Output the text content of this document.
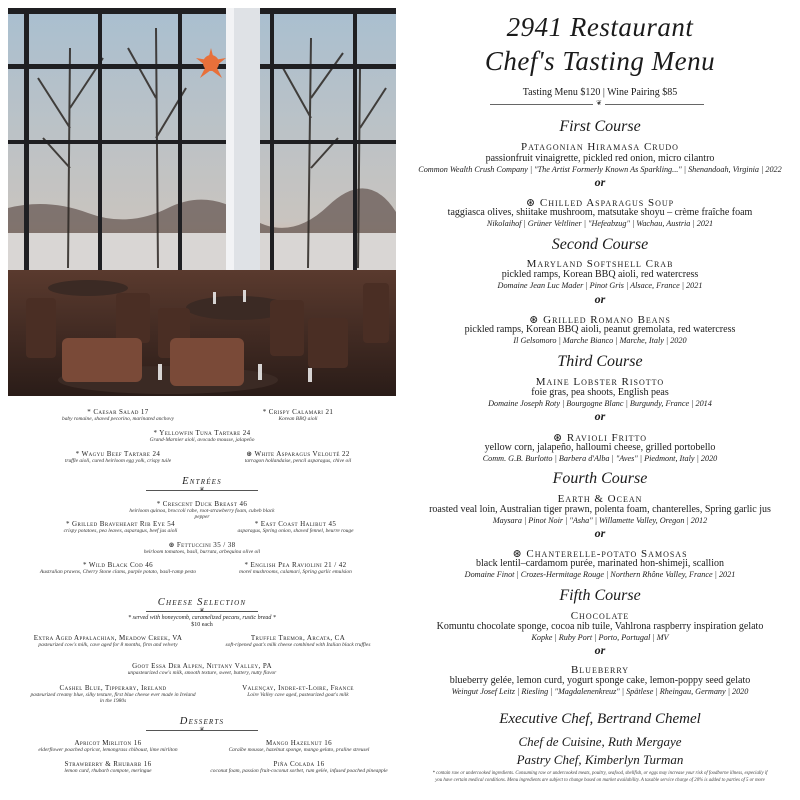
* Caesar Salad 17
baby romaine, shaved pecorino, marinated anchovy
* Crispy Calamari 21
Korean BBQ aioli
* Yellowfin Tuna Tartare 24
Grand-Marnier aioli, avocado mousse, jalapeño
* Wagyu Beef Tartare 24
truffle aioli, cured heirloom egg yolk, crispy tuile
⊛ White Asparagus Velouté 22
tarragon hollandaise, pencil asparagus, chive oil
Entrées
❦
* Crescent Duck Breast 46
heirloom quinoa, broccoli rabe, root-strawberry foam, cubeb black pepper
* Grilled Braveheart Rib Eye 54
crispy potatoes, pea leaves, asparagus, beef jus aioli
* East Coast Halibut 45
asparagus, Spring onion, shaved fennel, beurre rouge
⊛ Fettuccini 35 / 38
heirloom tomatoes, basil, burrata, arbequina olive oil
* Wild Black Cod 46
Australian prawns, Cherry Stone clams, purple potato, basil-ramp pesto
* English Pea Raviolini 21 / 42
morel mushrooms, calamari, Spring garlic emulsion
Cheese Selection
❦
* served with honeycomb, caramelized pecans, rustic bread *
$10 each
Extra Aged Appalachian, Meadow Creek, VA
pasteurized cow's milk, cave aged for 8 months, firm and velvety
Truffle Tremor, Arcata, CA
soft-ripened goat's milk cheese combined with Italian black truffles
Goot Essa Der Alpen, Nittany Valley, PA
unpasteurized cow's milk, smooth texture, sweet, buttery, nutty flavor
Cashel Blue, Tipperary, Ireland
pasteurized creamy blue, silky texture, first blue cheese ever made in Ireland in the 1980s
Valençay, Indre-et-Loire, France
Loire Valley cave aged, pasteurized goat's milk
Desserts
❦
Apricot Mirliton 16
elderflower poached apricot, lemongrass chiboust, lime mirliton
Mango Hazelnut 16
Caraïbe mousse, hazelnut sponge, mango gelato, praline streusel
Strawberry & Rhubarb 16
lemon curd, rhubarb compote, meringue
Piña Colada 16
coconut foam, passion fruit-coconut sorbet, rum gelée, infused poached pineapple
2941 Restaurant
Chef's Tasting Menu
Tasting Menu $120 | Wine Pairing $85
❦
First Course
Patagonian Hiramasa Crudo
passionfruit vinaigrette, pickled red onion, micro cilantro
Common Wealth Crush Company | "The Artist Formerly Known As Sparkling..." | Shenandoah, Virginia | 2022
or
⊛ Chilled Asparagus Soup
taggiasca olives, shiitake mushroom, matsutake shoyu – crème fraîche foam
Nikolaihof | Grüner Veltliner | "Hefeabzug" | Wachau, Austria | 2021
Second Course
Maryland Softshell Crab
pickled ramps, Korean BBQ aioli, red watercress
Domaine Jean Luc Mader | Pinot Gris | Alsace, France | 2021
or
⊛ Grilled Romano Beans
pickled ramps, Korean BBQ aioli, peanut gremolata, red watercress
Il Gelsomoro | Marche Bianco | Marche, Italy | 2020
Third Course
Maine Lobster Risotto
foie gras, pea shoots, English peas
Domaine Joseph Roty | Bourgogne Blanc | Burgundy, France | 2014
or
⊛ Ravioli Fritto
yellow corn, jalapeño, halloumi cheese, grilled portobello
Comm. G.B. Burlotto | Barbera d'Alba | "Aves" | Piedmont, Italy | 2020
Fourth Course
Earth & Ocean
roasted veal loin, Australian tiger prawn, polenta foam, chanterelles, Spring garlic jus
Maysara | Pinot Noir | "Asha" | Willamette Valley, Oregon | 2012
or
⊛ Chanterelle-potato Samosas
black lentil–cardamom purée, marinated hon-shimeji, scallion
Domaine Finot | Crozes-Hermitage Rouge | Northern Rhône Valley, France | 2021
Fifth Course
Chocolate
Komuntu chocolate sponge, cocoa nib tuile, Vahlrona raspberry inspiration gelato
Kopke | Ruby Port | Porto, Portugal | MV
or
Blueberry
blueberry gelée, lemon curd, yogurt sponge cake, lemon-poppy seed gelato
Weingut Josef Leitz | Riesling | "Magdalenenkreuz" | Spätlese | Rheingau, Germany | 2020
Executive Chef, Bertrand Chemel
Chef de Cuisine, Ruth Mergaye
Pastry Chef, Kimberlyn Turman
* contain raw or undercooked ingredients. Consuming raw or undercooked meats, poultry, seafood, shellfish, or eggs may increase your risk of foodborne illness, especially if
you have certain medical conditions. Menu ingredients are subject to change based on market availability. A taxable service charge of 20% is added to parties of 5 or more
